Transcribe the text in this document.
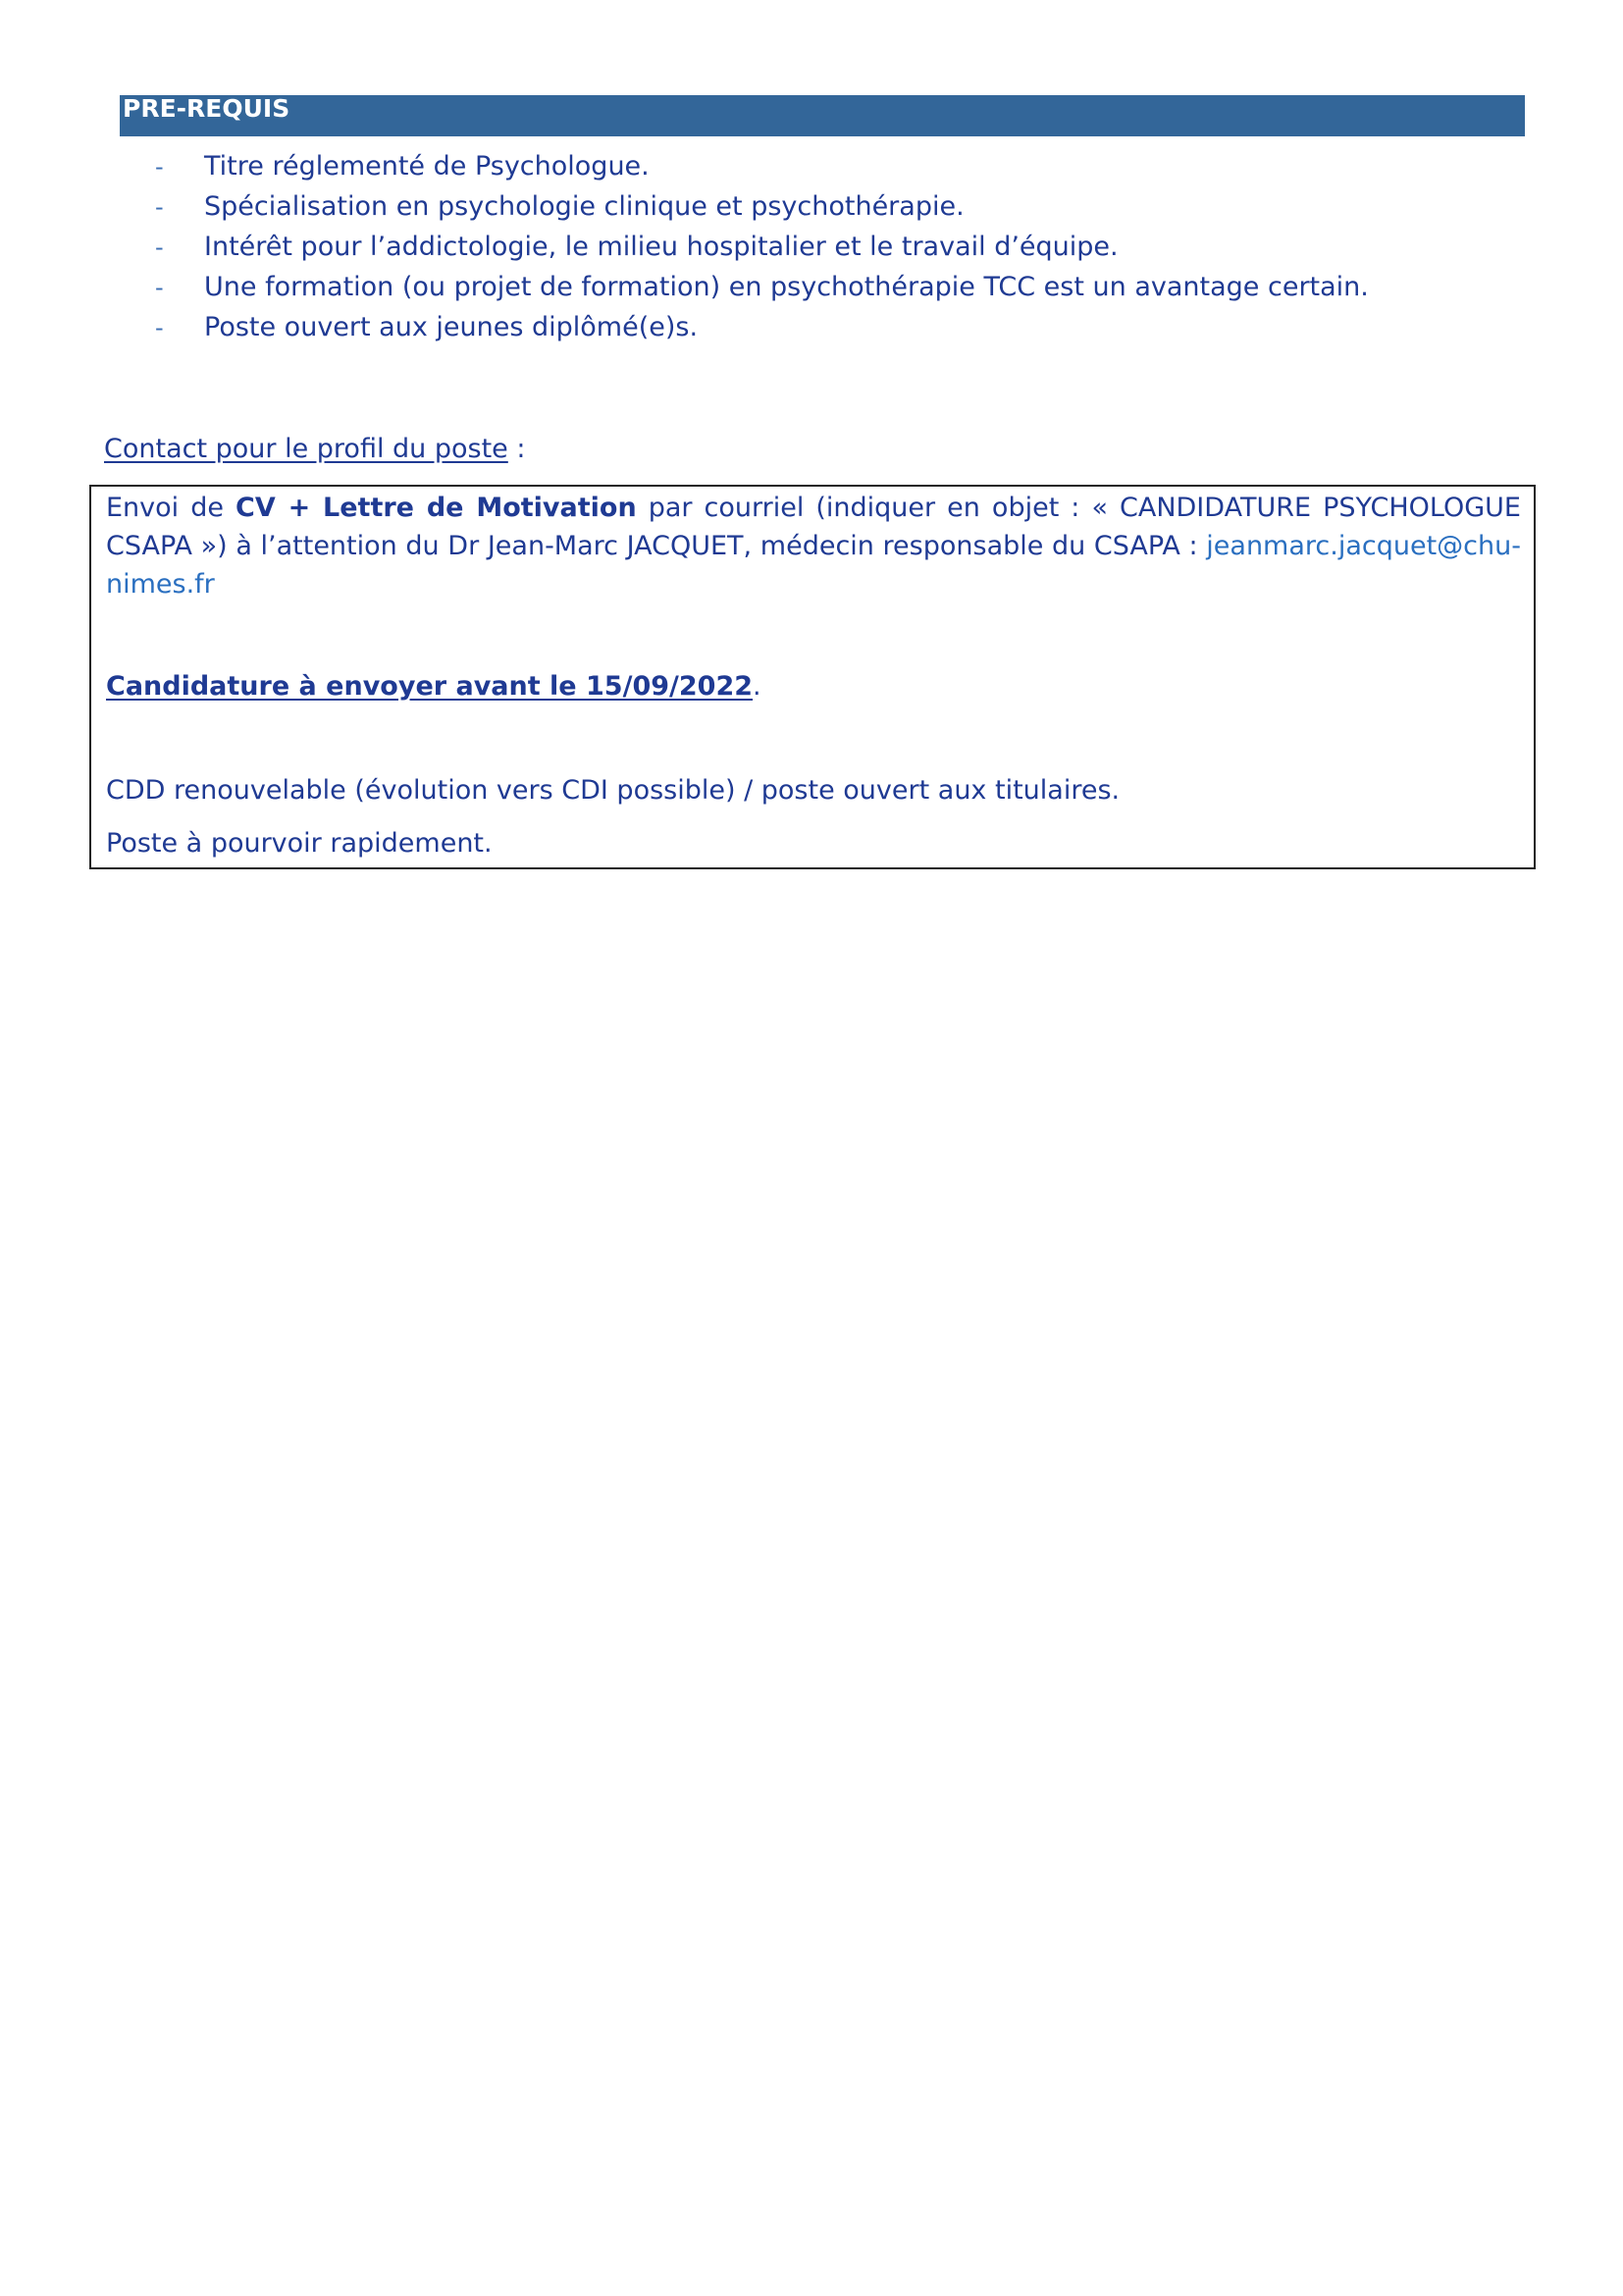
PRE-REQUIS
- Titre réglementé de Psychologue.
- Spécialisation en psychologie clinique et psychothérapie.
- Intérêt pour l’addictologie, le milieu hospitalier et le travail d’équipe.
- Une formation (ou projet de formation) en psychothérapie TCC est un avantage certain.
- Poste ouvert aux jeunes diplômé(e)s.
Contact pour le profil du poste :
Envoi de CV + Lettre de Motivation par courriel (indiquer en objet : « CANDIDATURE PSYCHOLOGUE CSAPA ») à l’attention du Dr Jean-Marc JACQUET, médecin responsable du CSAPA : jeanmarc.jacquet@chu-nimes.fr
Candidature à envoyer avant le 15/09/2022.
CDD renouvelable (évolution vers CDI possible) / poste ouvert aux titulaires.
Poste à pourvoir rapidement.
